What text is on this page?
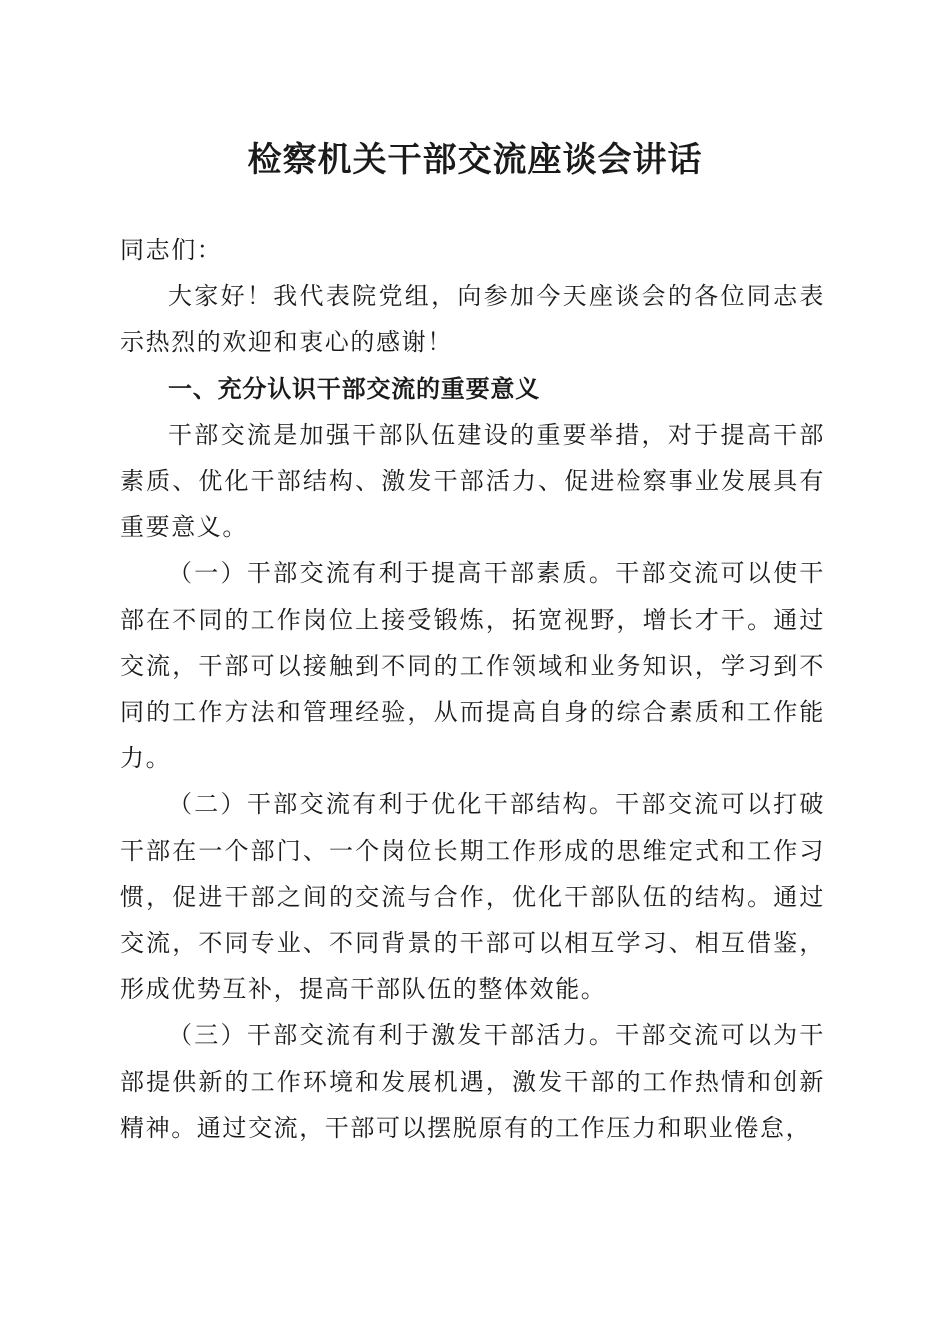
检察机关干部交流座谈会讲话

同志们：

大家好！我代表院党组，向参加今天座谈会的各位同志表示热烈的欢迎和衷心的感谢！

一、充分认识干部交流的重要意义

干部交流是加强干部队伍建设的重要举措，对于提高干部素质、优化干部结构、激发干部活力、促进检察事业发展具有重要意义。

（一）干部交流有利于提高干部素质。干部交流可以使干部在不同的工作岗位上接受锻炼，拓宽视野，增长才干。通过交流，干部可以接触到不同的工作领域和业务知识，学习到不同的工作方法和管理经验，从而提高自身的综合素质和工作能力。

（二）干部交流有利于优化干部结构。干部交流可以打破干部在一个部门、一个岗位长期工作形成的思维定式和工作习惯，促进干部之间的交流与合作，优化干部队伍的结构。通过交流，不同专业、不同背景的干部可以相互学习、相互借鉴，形成优势互补，提高干部队伍的整体效能。

（三）干部交流有利于激发干部活力。干部交流可以为干部提供新的工作环境和发展机遇，激发干部的工作热情和创新精神。通过交流，干部可以摆脱原有的工作压力和职业倦怠，
